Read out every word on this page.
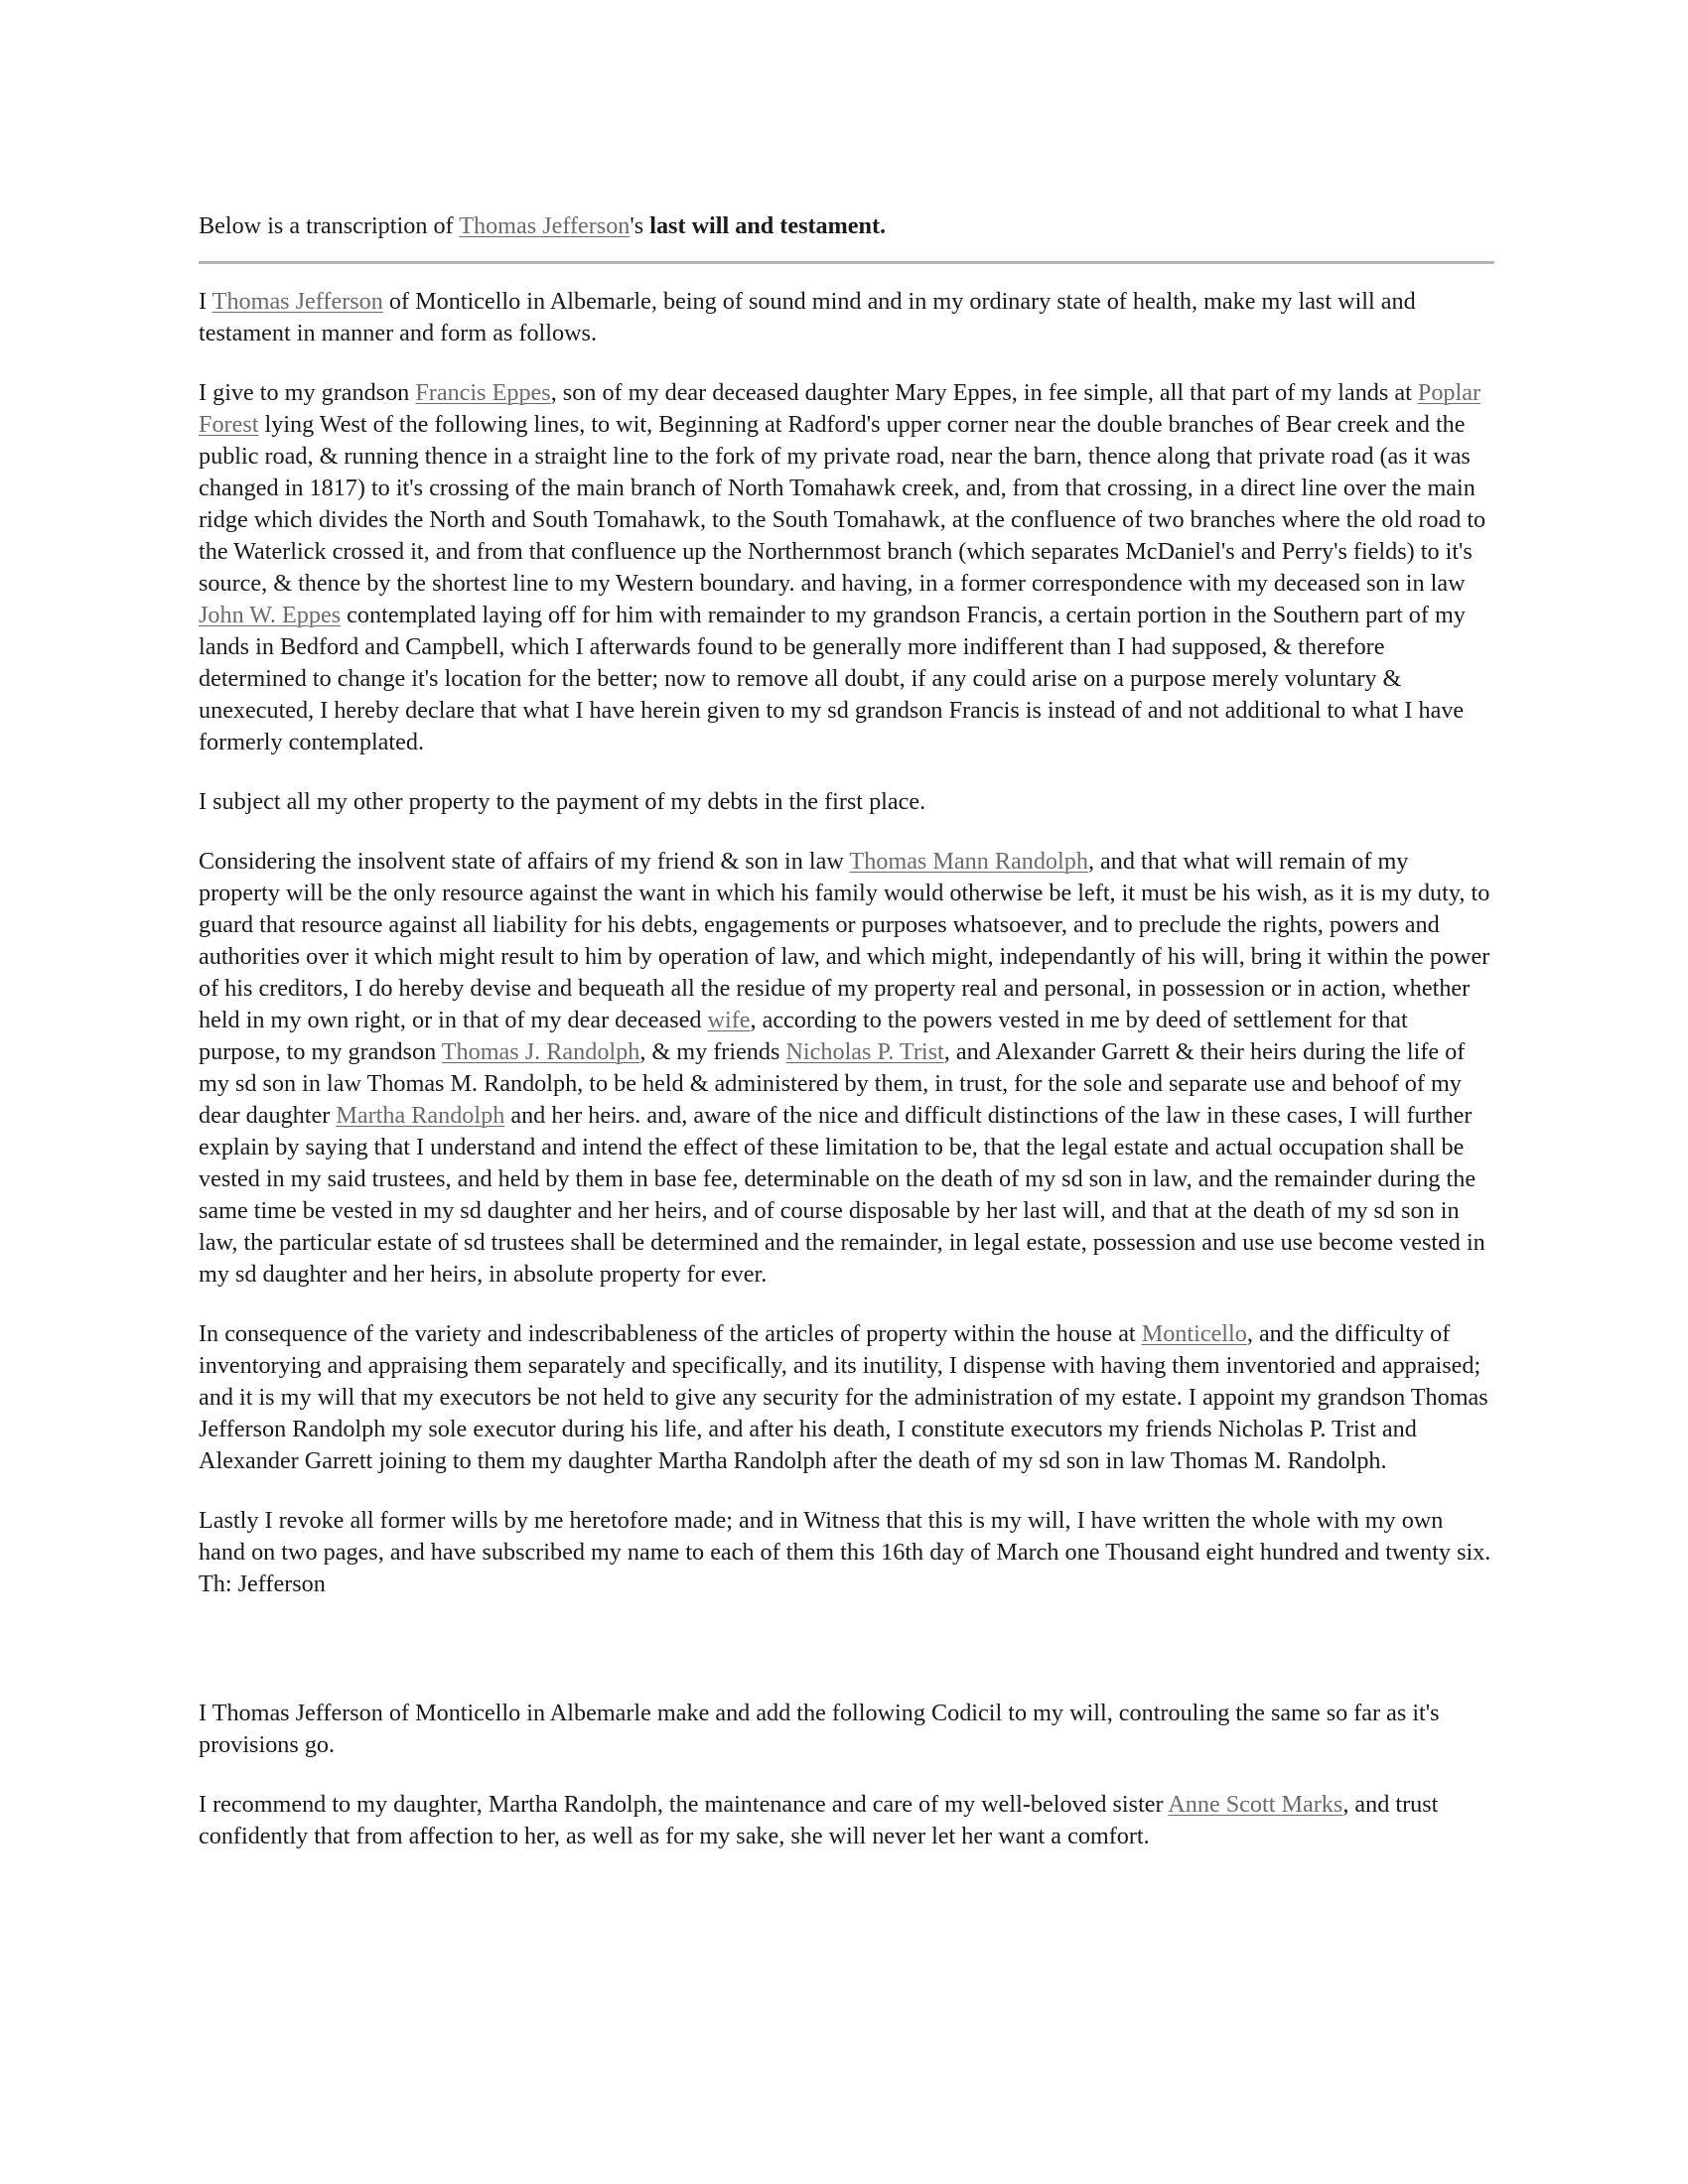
Below is a transcription of Thomas Jefferson's last will and testament.

I Thomas Jefferson of Monticello in Albemarle, being of sound mind and in my ordinary state of health, make my last will and testament in manner and form as follows.

I give to my grandson Francis Eppes, son of my dear deceased daughter Mary Eppes, in fee simple, all that part of my lands at Poplar Forest lying West of the following lines, to wit, Beginning at Radford's upper corner near the double branches of Bear creek and the public road, & running thence in a straight line to the fork of my private road, near the barn, thence along that private road (as it was changed in 1817) to it's crossing of the main branch of North Tomahawk creek, and, from that crossing, in a direct line over the main ridge which divides the North and South Tomahawk, to the South Tomahawk, at the confluence of two branches where the old road to the Waterlick crossed it, and from that confluence up the Northernmost branch (which separates McDaniel's and Perry's fields) to it's source, & thence by the shortest line to my Western boundary. and having, in a former correspondence with my deceased son in law John W. Eppes contemplated laying off for him with remainder to my grandson Francis, a certain portion in the Southern part of my lands in Bedford and Campbell, which I afterwards found to be generally more indifferent than I had supposed, & therefore determined to change it's location for the better; now to remove all doubt, if any could arise on a purpose merely voluntary & unexecuted, I hereby declare that what I have herein given to my sd grandson Francis is instead of and not additional to what I have formerly contemplated.

I subject all my other property to the payment of my debts in the first place.

Considering the insolvent state of affairs of my friend & son in law Thomas Mann Randolph, and that what will remain of my property will be the only resource against the want in which his family would otherwise be left, it must be his wish, as it is my duty, to guard that resource against all liability for his debts, engagements or purposes whatsoever, and to preclude the rights, powers and authorities over it which might result to him by operation of law, and which might, independantly of his will, bring it within the power of his creditors, I do hereby devise and bequeath all the residue of my property real and personal, in possession or in action, whether held in my own right, or in that of my dear deceased wife, according to the powers vested in me by deed of settlement for that purpose, to my grandson Thomas J. Randolph, & my friends Nicholas P. Trist, and Alexander Garrett & their heirs during the life of my sd son in law Thomas M. Randolph, to be held & administered by them, in trust, for the sole and separate use and behoof of my dear daughter Martha Randolph and her heirs. and, aware of the nice and difficult distinctions of the law in these cases, I will further explain by saying that I understand and intend the effect of these limitation to be, that the legal estate and actual occupation shall be vested in my said trustees, and held by them in base fee, determinable on the death of my sd son in law, and the remainder during the same time be vested in my sd daughter and her heirs, and of course disposable by her last will, and that at the death of my sd son in law, the particular estate of sd trustees shall be determined and the remainder, in legal estate, possession and use use become vested in my sd daughter and her heirs, in absolute property for ever.

In consequence of the variety and indescribableness of the articles of property within the house at Monticello, and the difficulty of inventorying and appraising them separately and specifically, and its inutility, I dispense with having them inventoried and appraised; and it is my will that my executors be not held to give any security for the administration of my estate. I appoint my grandson Thomas Jefferson Randolph my sole executor during his life, and after his death, I constitute executors my friends Nicholas P. Trist and Alexander Garrett joining to them my daughter Martha Randolph after the death of my sd son in law Thomas M. Randolph.

Lastly I revoke all former wills by me heretofore made; and in Witness that this is my will, I have written the whole with my own hand on two pages, and have subscribed my name to each of them this 16th day of March one Thousand eight hundred and twenty six. Th: Jefferson

I Thomas Jefferson of Monticello in Albemarle make and add the following Codicil to my will, controuling the same so far as it's provisions go.

I recommend to my daughter, Martha Randolph, the maintenance and care of my well-beloved sister Anne Scott Marks, and trust confidently that from affection to her, as well as for my sake, she will never let her want a comfort.
